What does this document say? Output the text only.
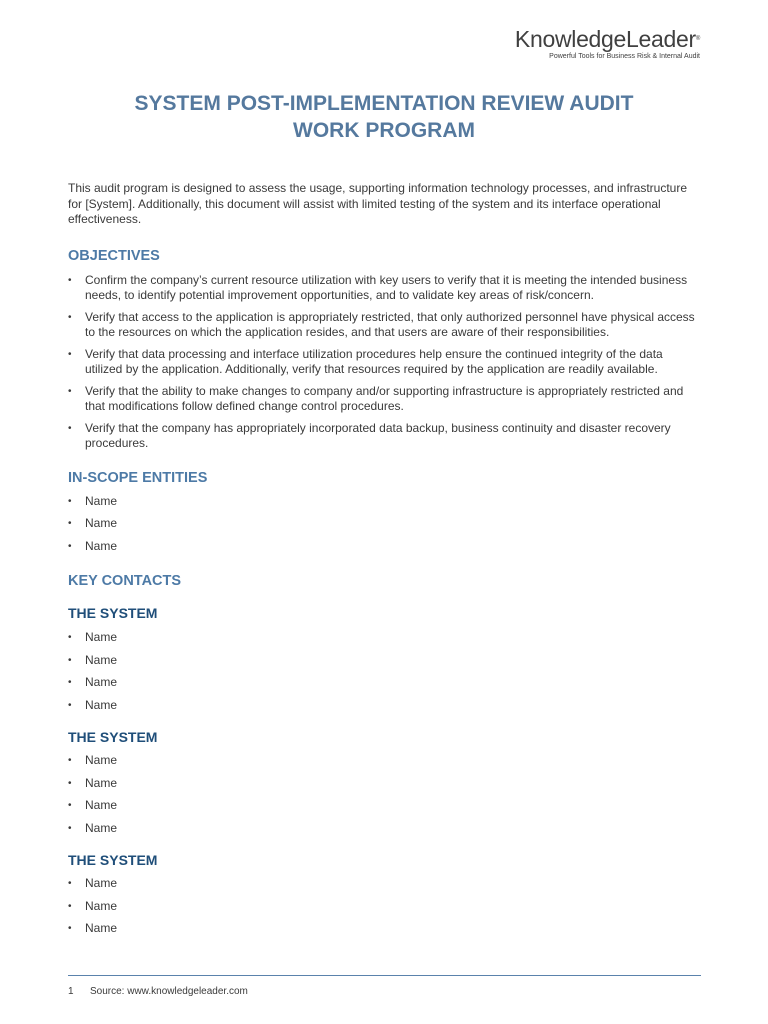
KnowledgeLeader®
Powerful Tools for Business Risk & Internal Audit
SYSTEM POST-IMPLEMENTATION REVIEW AUDIT
WORK PROGRAM

This audit program is designed to assess the usage, supporting information technology processes, and infrastructure for [System]. Additionally, this document will assist with limited testing of the system and its interface operational effectiveness.

OBJECTIVES
• Confirm the company’s current resource utilization with key users to verify that it is meeting the intended business needs, to identify potential improvement opportunities, and to validate key areas of risk/concern.
• Verify that access to the application is appropriately restricted, that only authorized personnel have physical access to the resources on which the application resides, and that users are aware of their responsibilities.
• Verify that data processing and interface utilization procedures help ensure the continued integrity of the data utilized by the application. Additionally, verify that resources required by the application are readily available.
• Verify that the ability to make changes to company and/or supporting infrastructure is appropriately restricted and that modifications follow defined change control procedures.
• Verify that the company has appropriately incorporated data backup, business continuity and disaster recovery procedures.
IN-SCOPE ENTITIES
• Name
• Name
• Name
KEY CONTACTS
THE SYSTEM
• Name
• Name
• Name
• Name
THE SYSTEM
• Name
• Name
• Name
• Name
THE SYSTEM
• Name
• Name
• Name
1 Source: www.knowledgeleader.com
